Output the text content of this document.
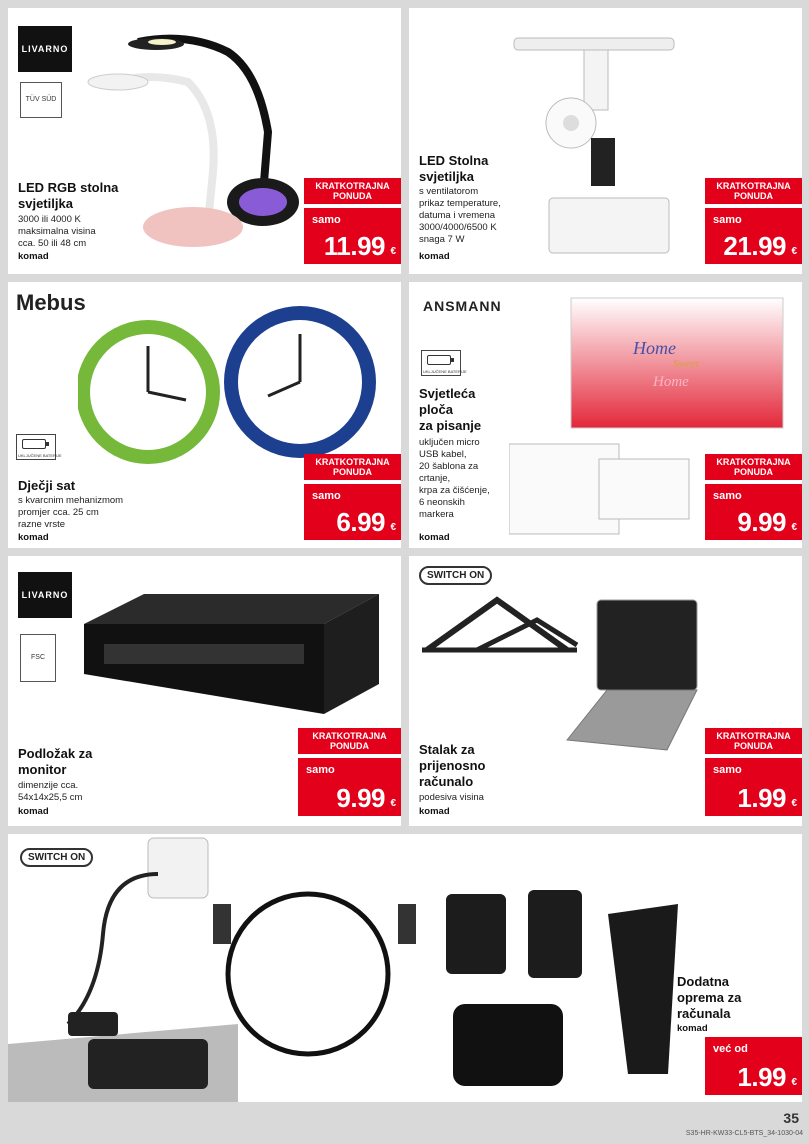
LIVARNO
TÜV SÜD
LED RGB stolna
svjetiljka
3000 ili 4000 K
maksimalna visina
cca. 50 ili 48 cm
komad
KRATKOTRAJNA
PONUDA
samo
11.99 €
LED Stolna
svjetiljka
s ventilatorom
prikaz temperature,
datuma i vremena
3000/4000/6500 K
snaga 7 W
komad
KRATKOTRAJNA
PONUDA
samo
21.99 €
Mebus
UKLJUČENE BATERIJE
Dječji sat
s kvarcnim mehanizmom
promjer cca. 25 cm
razne vrste
komad
KRATKOTRAJNA
PONUDA
samo
6.99 €
ANSMANN
UKLJUČENE BATERIJE
Home
Sweet
Home
Svjetleća
ploča
za pisanje
uključen micro
USB kabel,
20 šablona za
crtanje,
krpa za čišćenje,
6 neonskih
markera
komad
KRATKOTRAJNA
PONUDA
samo
9.99 €
LIVARNO
FSC
Podložak za
monitor
dimenzije cca.
54x14x25,5 cm
komad
KRATKOTRAJNA
PONUDA
samo
9.99 €
SWITCH ON
Stalak za
prijenosno
računalo
podesiva visina
komad
KRATKOTRAJNA
PONUDA
samo
1.99 €
SWITCH ON
Dodatna
oprema za
računala
komad
već od
1.99 €
35
S35-HR-KW33-CL5-BTS_34-1030-04
